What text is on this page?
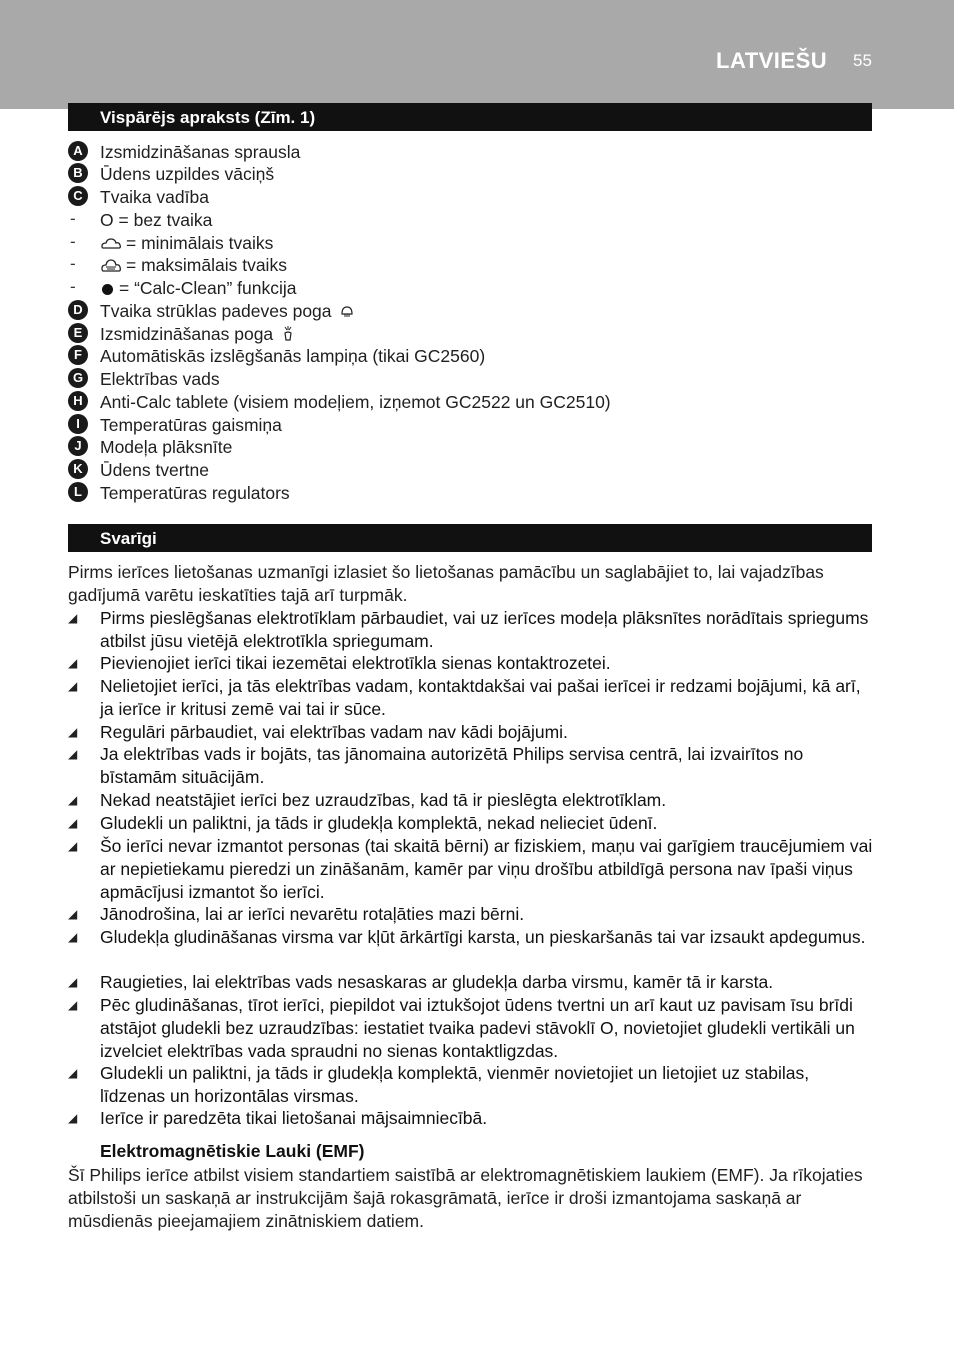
LATVIEŠU 55
Vispārējs apraksts (Zīm. 1)
A Izsmidzināšanas sprausla
B Ūdens uzpildes vāciņš
C Tvaika vadība
- O = bez tvaika
-	= minimālais tvaiks
-	= maksimālais tvaiks
-	= “Calc-Clean” funkcija
D Tvaika strūklas padeves poga
E	Izsmidzināšanas poga
F	Automātiskās izslēgšanās lampiņa (tikai GC2560)
G Elektrības vads
H Anti-Calc tablete (visiem modeļiem, izņemot GC2522 un GC2510)
I	Temperatūras gaismiņa
J	Modeļa plāksnīte
K Ūdens tvertne
L	Temperatūras regulators
Svarīgi
Pirms ierīces lietošanas uzmanīgi izlasiet šo lietošanas pamācību un saglabājiet to, lai vajadzības gadījumā varētu ieskatīties tajā arī turpmāk.
◢ Pirms pieslēgšanas elektrotīklam pārbaudiet, vai uz ierīces modeļa plāksnītes norādītais spriegums atbilst jūsu vietējā elektrotīkla spriegumam.
◢ Pievienojiet ierīci tikai iezemētai elektrotīkla sienas kontaktrozetei.
◢ Nelietojiet ierīci, ja tās elektrības vadam, kontaktdakšai vai pašai ierīcei ir redzami bojājumi, kā arī, ja ierīce ir kritusi zemē vai tai ir sūce.
◢ Regulāri pārbaudiet, vai elektrības vadam nav kādi bojājumi.
◢ Ja elektrības vads ir bojāts, tas jānomaina autorizētā Philips servisa centrā, lai izvairītos no bīstamām situācijām.
◢ Nekad neatstājiet ierīci bez uzraudzības, kad tā ir pieslēgta elektrotīklam.
◢ Gludekli un paliktni, ja tāds ir gludekļa komplektā, nekad nelieciet ūdenī.
◢ Šo ierīci nevar izmantot personas (tai skaitā bērni) ar fiziskiem, maņu vai garīgiem traucējumiem vai ar nepietiekamu pieredzi un zināšanām, kamēr par viņu drošību atbildīgā persona nav īpaši viņus apmācījusi izmantot šo ierīci.
◢ Jānodrošina, lai ar ierīci nevarētu rotaļāties mazi bērni.
◢ Gludekļa gludināšanas virsma var kļūt ārkārtīgi karsta, un pieskaršanās tai var izsaukt apdegumus.
◢ Raugieties, lai elektrības vads nesaskaras ar gludekļa darba virsmu, kamēr tā ir karsta.
◢ Pēc gludināšanas, tīrot ierīci, piepildot vai iztukšojot ūdens tvertni un arī kaut uz pavisam īsu brīdi atstājot gludekli bez uzraudzības: iestatiet tvaika padevi stāvoklī O, novietojiet gludekli vertikāli un izvelciet elektrības vada spraudni no sienas kontaktligzdas.
◢ Gludekli un paliktni, ja tāds ir gludekļa komplektā, vienmēr novietojiet un lietojiet uz stabilas, līdzenas un horizontālas virsmas.
◢ Ierīce ir paredzēta tikai lietošanai mājsaimniecībā.
Elektromagnētiskie Lauki (EMF)
Šī Philips ierīce atbilst visiem standartiem saistībā ar elektromagnētiskiem laukiem (EMF). Ja rīkojaties atbilstoši un saskaņā ar instrukcijām šajā rokasgrāmatā, ierīce ir droši izmantojama saskaņā ar mūsdienās pieejamajiem zinātniskiem datiem.
